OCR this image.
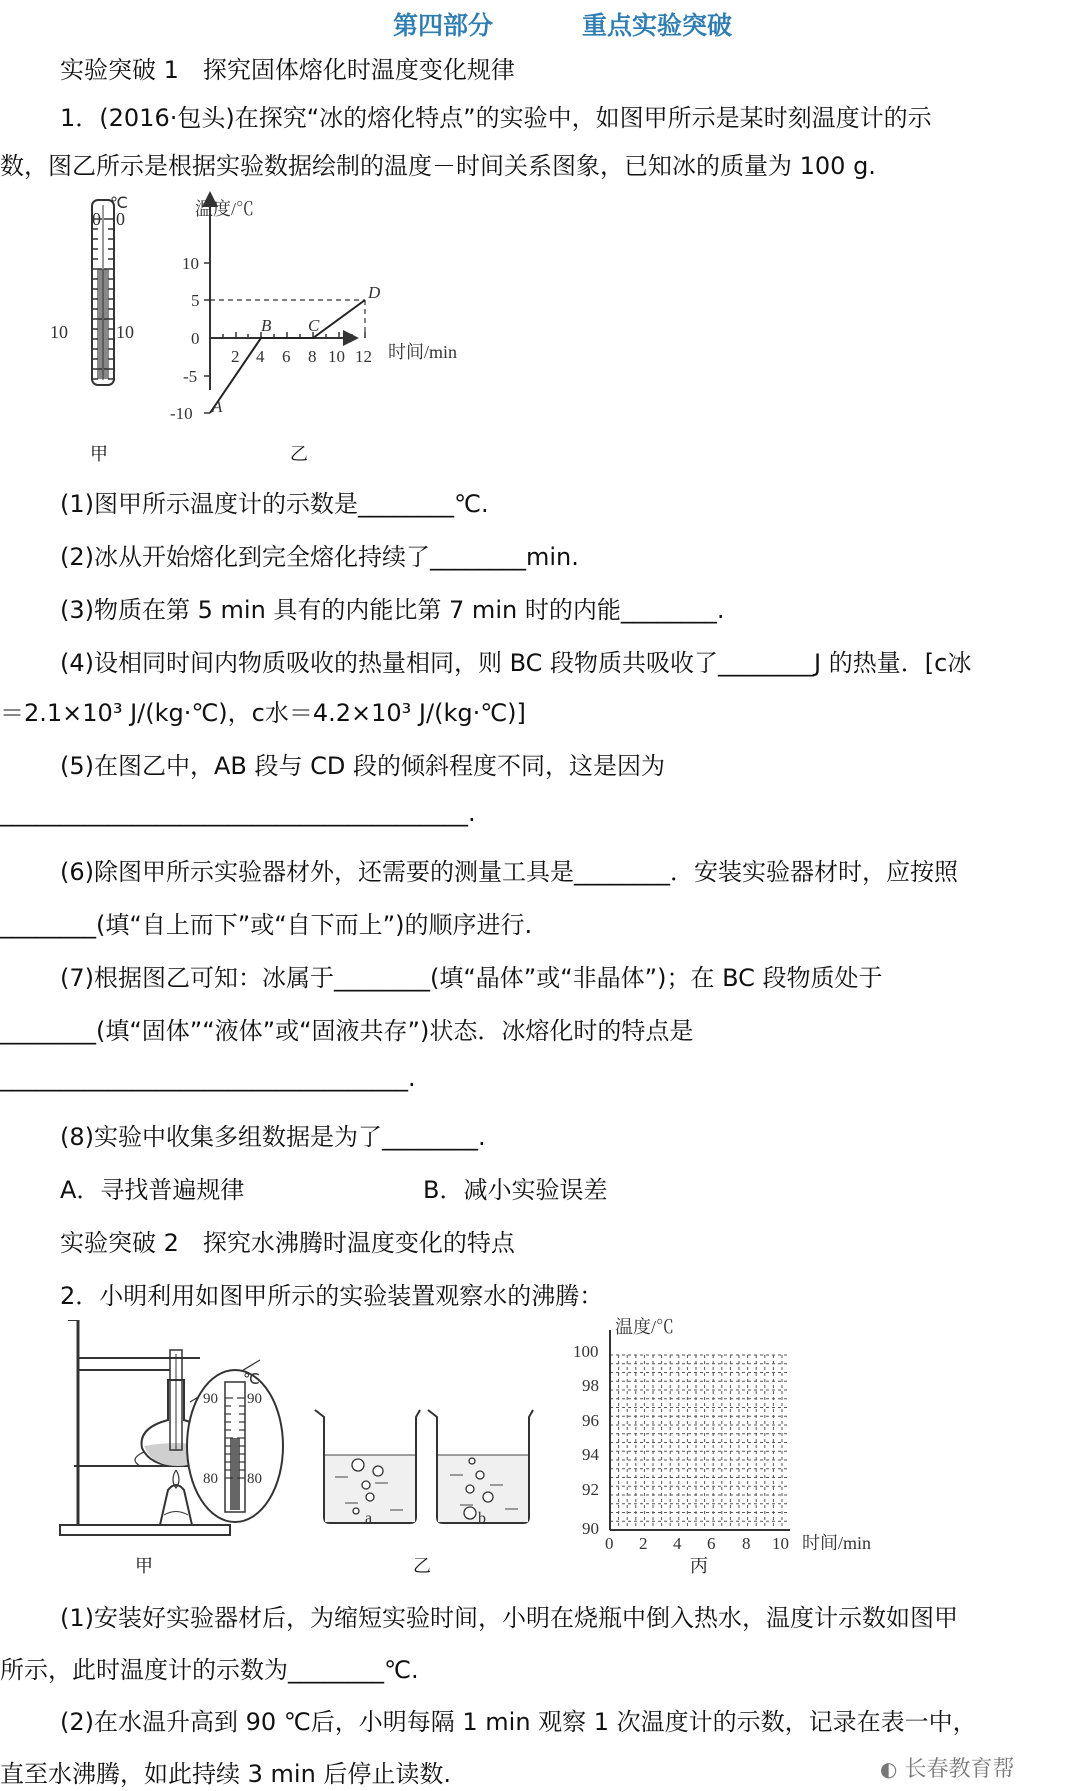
第四部分	重点实验突破
实验突破 1　探究固体熔化时温度变化规律
1．(2016·包头)在探究“冰的熔化特点”的实验中，如图甲所示是某时刻温度计的示
数，图乙所示是根据实验数据绘制的温度－时间关系图象，已知冰的质量为 100 g.
0 0
℃
10	10
甲
温度/℃
10
5
0
-5
-10
2 4 6 8 10 12 时间/min
A
B C
D
乙
(1)图甲所示温度计的示数是________℃.
(2)冰从开始熔化到完全熔化持续了________min.
(3)物质在第 5 min 具有的内能比第 7 min 时的内能________.
(4)设相同时间内物质吸收的热量相同，则 BC 段物质共吸收了________J 的热量．[c冰
＝2.1×10³ J/(kg·℃)，c水＝4.2×10³ J/(kg·℃)]
(5)在图乙中，AB 段与 CD 段的倾斜程度不同，这是因为
_______________________________________.
(6)除图甲所示实验器材外，还需要的测量工具是________．安装实验器材时，应按照
________(填“自上而下”或“自下而上”)的顺序进行.
(7)根据图乙可知：冰属于________(填“晶体”或“非晶体”)；在 BC 段物质处于
________(填“固体”“液体”或“固液共存”)状态．冰熔化时的特点是
__________________________________.
(8)实验中收集多组数据是为了________.
A．寻找普遍规律	B．减小实验误差
实验突破 2　探究水沸腾时温度变化的特点
2．小明利用如图甲所示的实验装置观察水的沸腾：
℃
90 90
80 80
甲
a	b
乙
温度/℃
100
98
96
94
92
90
0 2 4 6 8 10 时间/min
丙
(1)安装好实验器材后，为缩短实验时间，小明在烧瓶中倒入热水，温度计示数如图甲
所示，此时温度计的示数为________℃.
(2)在水温升高到 90 ℃后，小明每隔 1 min 观察 1 次温度计的示数，记录在表一中，
直至水沸腾，如此持续 3 min 后停止读数.	◐ 长春教育帮
